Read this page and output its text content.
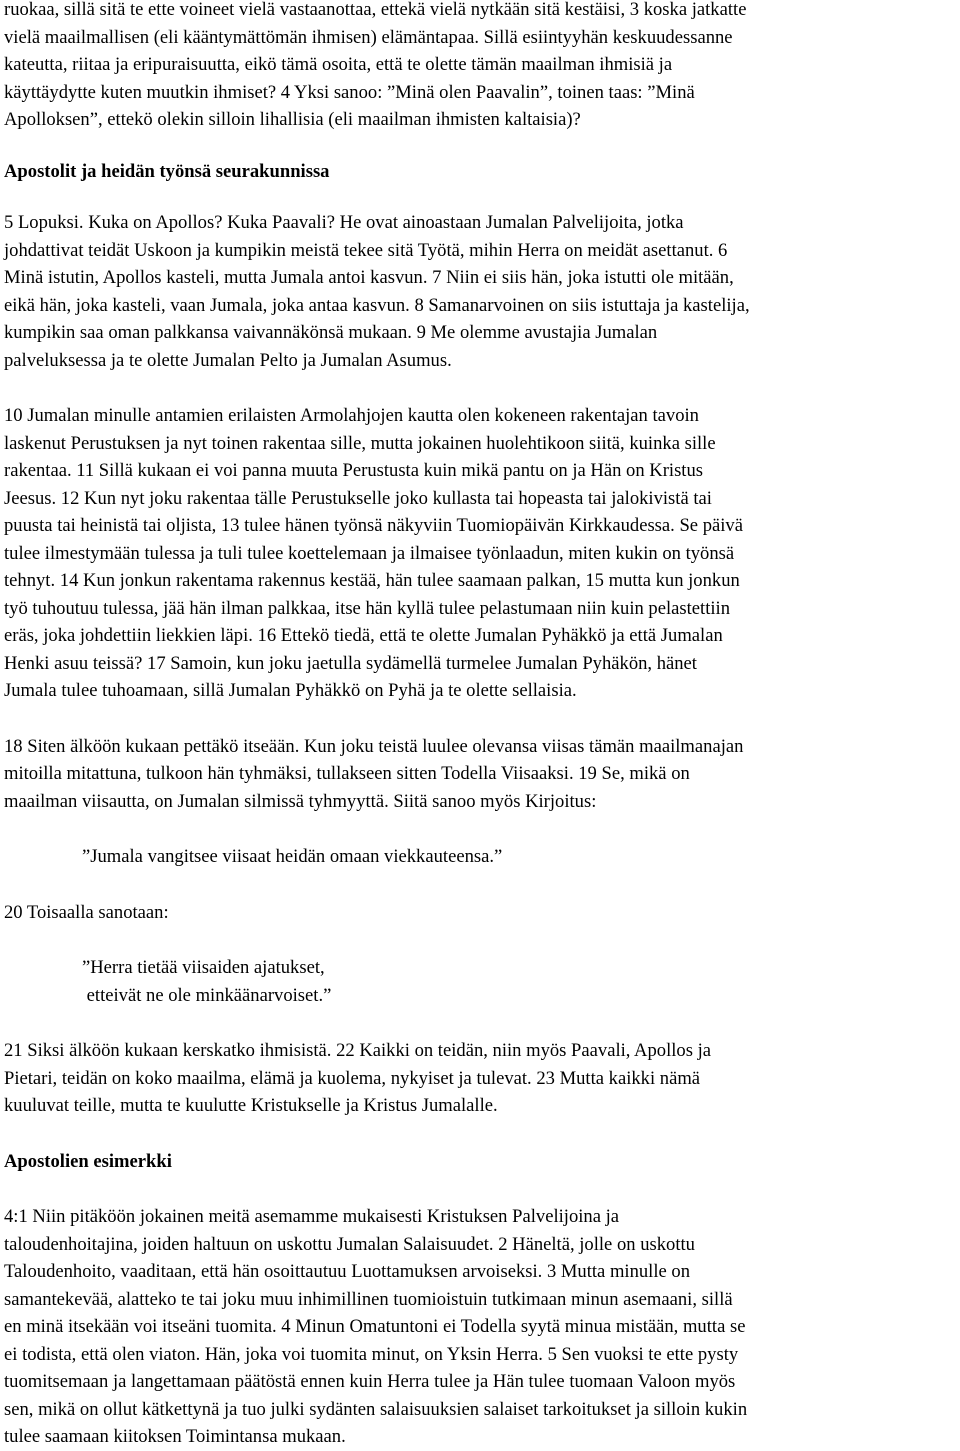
ruokaa, sillä sitä te ette voineet vielä vastaanottaa, ettekä vielä nytkään sitä kestäisi, 3 koska jatkatte
vielä maailmallisen (eli kääntymättömän ihmisen) elämäntapaa. Sillä esiintyyhän keskuudessanne
kateutta, riitaa ja eripuraisuutta, eikö tämä osoita, että te olette tämän maailman ihmisiä ja
käyttäydytte kuten muutkin ihmiset? 4 Yksi sanoo: ”Minä olen Paavalin”, toinen taas: ”Minä
Apolloksen”, ettekö olekin silloin lihallisia (eli maailman ihmisten kaltaisia)?

Apostolit ja heidän työnsä seurakunnissa

5 Lopuksi. Kuka on Apollos? Kuka Paavali? He ovat ainoastaan Jumalan Palvelijoita, jotka
johdattivat teidät Uskoon ja kumpikin meistä tekee sitä Työtä, mihin Herra on meidät asettanut. 6
Minä istutin, Apollos kasteli, mutta Jumala antoi kasvun. 7 Niin ei siis hän, joka istutti ole mitään,
eikä hän, joka kasteli, vaan Jumala, joka antaa kasvun. 8 Samanarvoinen on siis istuttaja ja kastelija,
kumpikin saa oman palkkansa vaivannäkönsä mukaan. 9 Me olemme avustajia Jumalan
palveluksessa ja te olette Jumalan Pelto ja Jumalan Asumus.

10 Jumalan minulle antamien erilaisten Armolahjojen kautta olen kokeneen rakentajan tavoin
laskenut Perustuksen ja nyt toinen rakentaa sille, mutta jokainen huolehtikoon siitä, kuinka sille
rakentaa. 11 Sillä kukaan ei voi panna muuta Perustusta kuin mikä pantu on ja Hän on Kristus
Jeesus. 12 Kun nyt joku rakentaa tälle Perustukselle joko kullasta tai hopeasta tai jalokivistä tai
puusta tai heinistä tai oljista, 13 tulee hänen työnsä näkyviin Tuomiopäivän Kirkkaudessa. Se päivä
tulee ilmestymään tulessa ja tuli tulee koettelemaan ja ilmaisee työnlaadun, miten kukin on työnsä
tehnyt. 14 Kun jonkun rakentama rakennus kestää, hän tulee saamaan palkan, 15 mutta kun jonkun
työ tuhoutuu tulessa, jää hän ilman palkkaa, itse hän kyllä tulee pelastumaan niin kuin pelastettiin
eräs, joka johdettiin liekkien läpi. 16 Ettekö tiedä, että te olette Jumalan Pyhäkkö ja että Jumalan
Henki asuu teissä? 17 Samoin, kun joku jaetulla sydämellä turmelee Jumalan Pyhäkön, hänet
Jumala tulee tuhoamaan, sillä Jumalan Pyhäkkö on Pyhä ja te olette sellaisia.

18 Siten älköön kukaan pettäkö itseään. Kun joku teistä luulee olevansa viisas tämän maailmanajan
mitoilla mitattuna, tulkoon hän tyhmäksi, tullakseen sitten Todella Viisaaksi. 19 Se, mikä on
maailman viisautta, on Jumalan silmissä tyhmyyttä. Siitä sanoo myös Kirjoitus:

”Jumala vangitsee viisaat heidän omaan viekkauteensa.”

20 Toisaalla sanotaan:

”Herra tietää viisaiden ajatukset,
etteivät ne ole minkäänarvoiset.”

21 Siksi älköön kukaan kerskatko ihmisistä. 22 Kaikki on teidän, niin myös Paavali, Apollos ja
Pietari, teidän on koko maailma, elämä ja kuolema, nykyiset ja tulevat. 23 Mutta kaikki nämä
kuuluvat teille, mutta te kuulutte Kristukselle ja Kristus Jumalalle.

Apostolien esimerkki

4:1 Niin pitäköön jokainen meitä asemamme mukaisesti Kristuksen Palvelijoina ja
taloudenhoitajina, joiden haltuun on uskottu Jumalan Salaisuudet. 2 Häneltä, jolle on uskottu
Taloudenhoito, vaaditaan, että hän osoittautuu Luottamuksen arvoiseksi. 3 Mutta minulle on
samantekevää, alatteko te tai joku muu inhimillinen tuomioistuin tutkimaan minun asemaani, sillä
en minä itsekään voi itseäni tuomita. 4 Minun Omatuntoni ei Todella syytä minua mistään, mutta se
ei todista, että olen viaton. Hän, joka voi tuomita minut, on Yksin Herra. 5 Sen vuoksi te ette pysty
tuomitsemaan ja langettamaan päätöstä ennen kuin Herra tulee ja Hän tulee tuomaan Valoon myös
sen, mikä on ollut kätkettynä ja tuo julki sydänten salaisuuksien salaiset tarkoitukset ja silloin kukin
tulee saamaan kiitoksen Toimintansa mukaan.
